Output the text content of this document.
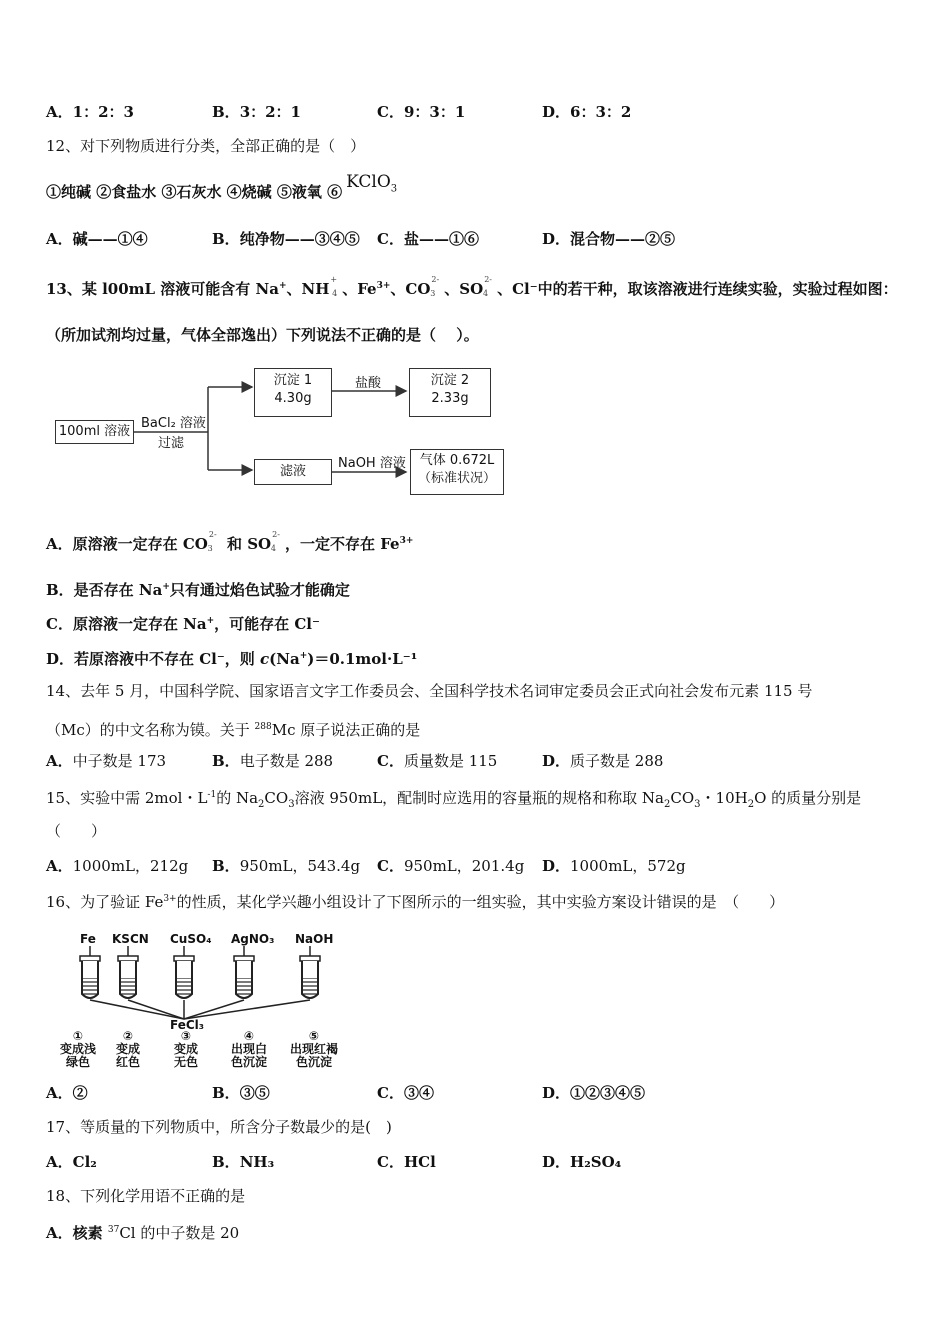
A．1：2：3	B．3：2：1	C．9：3：1	D．6：3：2
12、对下列物质进行分类，全部正确的是（　）
①纯碱 ②食盐水 ③石灰水 ④烧碱 ⑤液氧 ⑥ KClO$_3$
A．碱——①④	B．纯净物——③④⑤ C．盐——①⑥	D．混合物——②⑤
13、某 l00mL 溶液可能含有 Na+、$NH^{+4}$ 、$Fe^{3+}$、CO$^{2-3}$ 、SO$^{2-4}$ 、Cl⁻中的若干种，取该溶液进行连续实验，实验过程如图：
（所加试剂均过量，气体全部逸出）下列说法不正确的是（　 ）。
100ml 溶液
BaCl₂ 溶液
过滤
沉淀 1
4.30g
盐酸	沉淀 2
2.33g
滤液
NaOH 溶液	气体 0.672L
（标准状况）
A．原溶液一定存在 CO$^{2-3}$ 和 SO$^{2-4}$ ，一定不存在 $Fe^{3+}$
B．是否存在 Na+只有通过焰色试验才能确定
C．原溶液一定存在 Na+，可能存在 Cl⁻
D．若原溶液中不存在 Cl⁻，则 c(Na+)＝0.1mol·L⁻¹
14、去年 5 月，中国科学院、国家语言文字工作委员会、全国科学技术名词审定委员会正式向社会发布元素 115 号
（Mc）的中文名称为镆。关于 $^{288}$Mc 原子说法正确的是
A．中子数是 173	B．电子数是 288	C．质量数是 115	D．质子数是 288
15、实验中需 2mol・$L^{-1}$的 $Na_2CO_3$溶液 950mL，配制时应选用的容量瓶的规格和称取 $Na_2CO_3$・$10H_2O$ 的质量分别是
（　　）
A．1000mL，212g B．950mL，543.4g C．950mL，201.4g D．1000mL，572g
16、为了验证 $Fe^{3+}$的性质，某化学兴趣小组设计了下图所示的一组实验，其中实验方案设计错误的是　（　　）
Fe KSCN CuSO₄ AgNO₃ NaOH
FeCl₃
①
变成浅
绿色
②
变成
红色
③
变成
无色
④
出现白
色沉淀
⑤
出现红褐
色沉淀
A．②	B．③⑤	C．③④	D．①②③④⑤
17、等质量的下列物质中，所含分子数最少的是(　)
A．Cl₂	B．NH₃	C．HCl	D．H₂SO₄
18、下列化学用语不正确的是
A．核素 $^{37}$Cl 的中子数是 20
